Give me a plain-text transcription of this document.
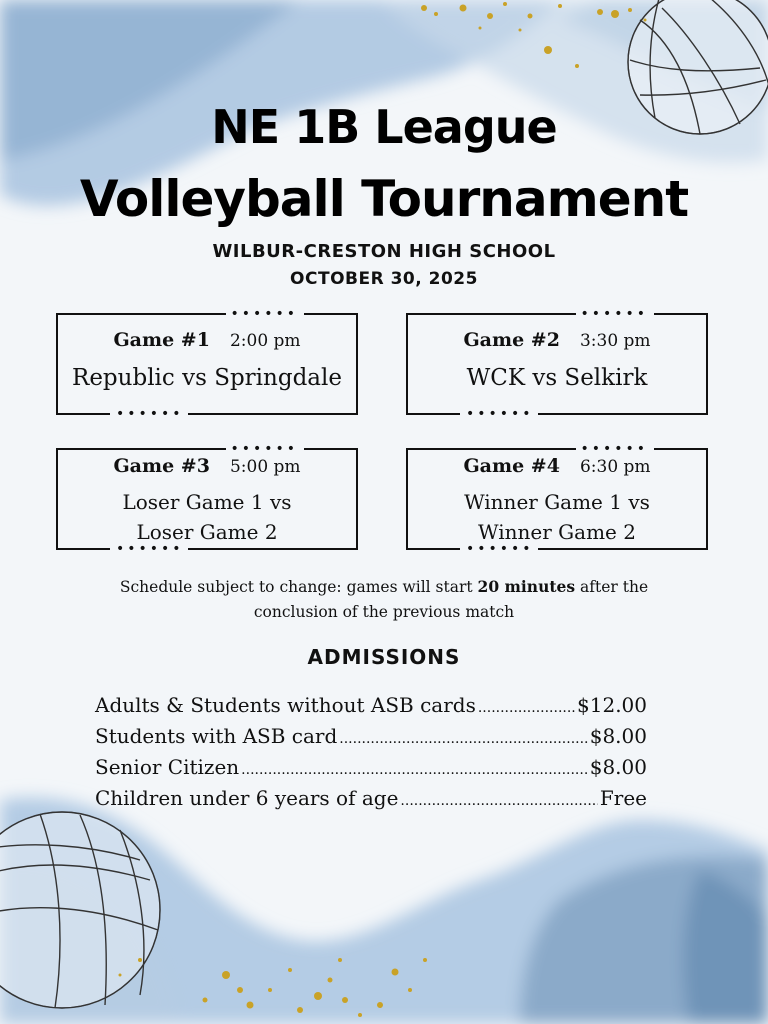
NE 1B League
Volleyball Tournament
WILBUR-CRESTON HIGH SCHOOL
OCTOBER 30, 2025
••••••
••••••
Game #1 2:00 pm
Republic vs Springdale
••••••
••••••
Game #2 3:30 pm
WCK vs Selkirk
••••••
••••••
Game #3 5:00 pm
Loser Game 1 vs
Loser Game 2
••••••
••••••
Game #4 6:30 pm
Winner Game 1 vs
Winner Game 2
Schedule subject to change: games will start 20 minutes after the conclusion of the previous match
ADMISSIONS
Adults & Students without ASB cards .....	$12.00
Students with ASB card .....	$8.00
Senior Citizen .....	$8.00
Children under 6 years of age .....	Free
